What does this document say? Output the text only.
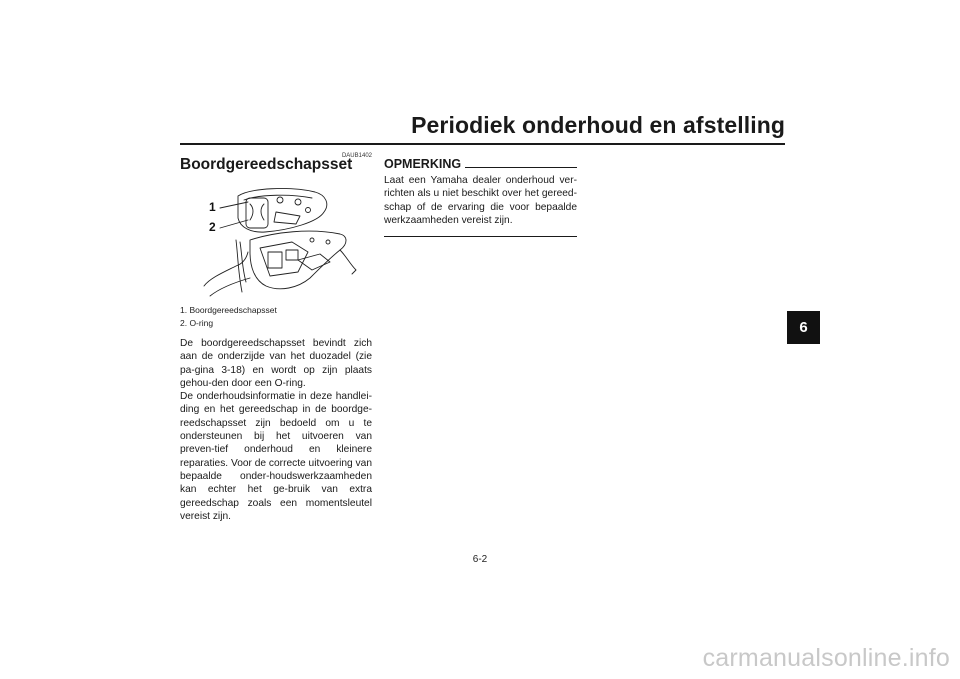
Periodiek onderhoud en afstelling
6
DAUB1402
Boordgereedschapsset
1
2
1. Boordgereedschapsset
2. O-ring

De boordgereedschapsset bevindt zich aan de onderzijde van het duozadel (zie pa-gina 3-18) en wordt op zijn plaats gehou-den door een O-ring.

De onderhoudsinformatie in deze handlei-ding en het gereedschap in de boordge-reedschapsset zijn bedoeld om u te ondersteunen bij het uitvoeren van preven-tief onderhoud en kleinere reparaties. Voor de correcte uitvoering van bepaalde onder-houdswerkzaamheden kan echter het ge-bruik van extra gereedschap zoals een momentsleutel vereist zijn.

OPMERKING
Laat een Yamaha dealer onderhoud ver-richten als u niet beschikt over het gereed-schap of de ervaring die voor bepaalde werkzaamheden vereist zijn.
6-2
carmanualsonline.info
